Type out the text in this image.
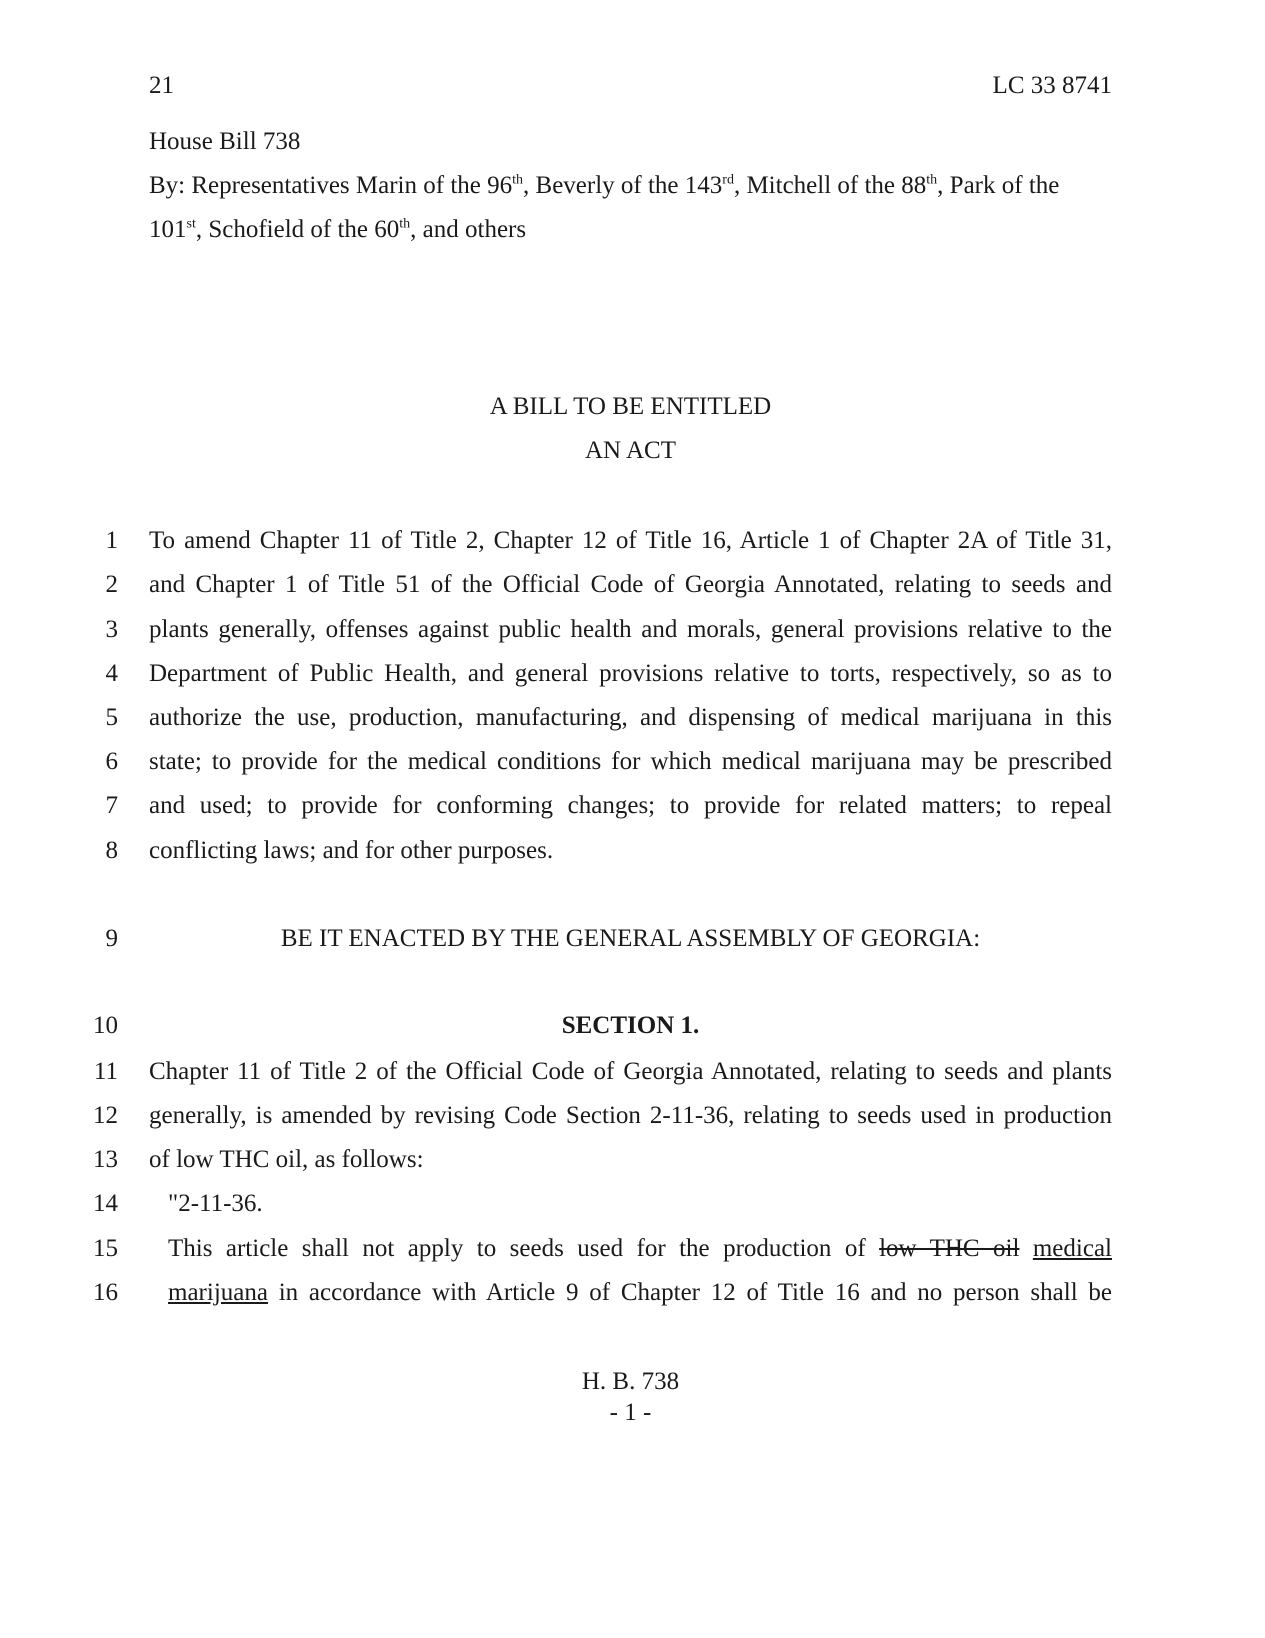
21	LC 33 8741
House Bill 738
By: Representatives Marin of the 96th, Beverly of the 143rd, Mitchell of the 88th, Park of the
101st, Schofield of the 60th, and others
A BILL TO BE ENTITLED
AN ACT
1 To amend Chapter 11 of Title 2, Chapter 12 of Title 16, Article 1 of Chapter 2A of Title 31,
2 and Chapter 1 of Title 51 of the Official Code of Georgia Annotated, relating to seeds and
3 plants generally, offenses against public health and morals, general provisions relative to the
4 Department of Public Health, and general provisions relative to torts, respectively, so as to
5 authorize the use, production, manufacturing, and dispensing of medical marijuana in this
6 state; to provide for the medical conditions for which medical marijuana may be prescribed
7 and used; to provide for conforming changes; to provide for related matters; to repeal
8 conflicting laws; and for other purposes.
9	BE IT ENACTED BY THE GENERAL ASSEMBLY OF GEORGIA:
10	SECTION 1.
11 Chapter 11 of Title 2 of the Official Code of Georgia Annotated, relating to seeds and plants
12 generally, is amended by revising Code Section 2-11-36, relating to seeds used in production
13 of low THC oil, as follows:
14 "2-11-36.
15 This article shall not apply to seeds used for the production of low THC oil medical
16 marijuana in accordance with Article 9 of Chapter 12 of Title 16 and no person shall be
H. B. 738
- 1 -
